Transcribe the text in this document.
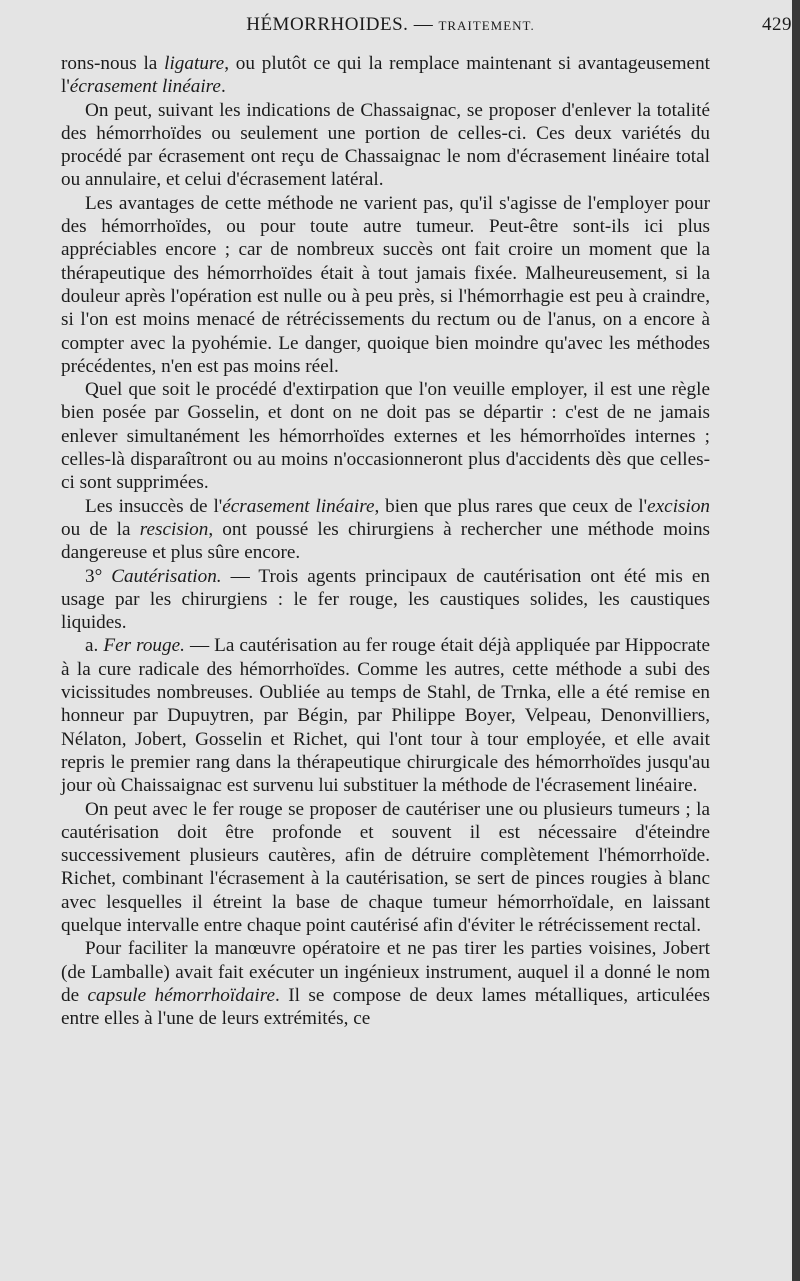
HÉMORRHOIDES. — TRAITEMENT.	429

rons-nous la ligature, ou plutôt ce qui la remplace maintenant si avantageusement l'écrasement linéaire.

On peut, suivant les indications de Chassaignac, se proposer d'enlever la totalité des hémorrhoïdes ou seulement une portion de celles-ci. Ces deux variétés du procédé par écrasement ont reçu de Chassaignac le nom d'écrasement linéaire total ou annulaire, et celui d'écrasement latéral.

Les avantages de cette méthode ne varient pas, qu'il s'agisse de l'employer pour des hémorrhoïdes, ou pour toute autre tumeur. Peut-être sont-ils ici plus appréciables encore ; car de nombreux succès ont fait croire un moment que la thérapeutique des hémorrhoïdes était à tout jamais fixée. Malheureusement, si la douleur après l'opération est nulle ou à peu près, si l'hémorrhagie est peu à craindre, si l'on est moins menacé de rétrécissements du rectum ou de l'anus, on a encore à compter avec la pyohémie. Le danger, quoique bien moindre qu'avec les méthodes précédentes, n'en est pas moins réel.

Quel que soit le procédé d'extirpation que l'on veuille employer, il est une règle bien posée par Gosselin, et dont on ne doit pas se départir : c'est de ne jamais enlever simultanément les hémorrhoïdes externes et les hémorrhoïdes internes ; celles-là disparaîtront ou au moins n'occasionneront plus d'accidents dès que celles-ci sont supprimées.

Les insuccès de l'écrasement linéaire, bien que plus rares que ceux de l'excision ou de la rescision, ont poussé les chirurgiens à rechercher une méthode moins dangereuse et plus sûre encore.

3° Cautérisation. — Trois agents principaux de cautérisation ont été mis en usage par les chirurgiens : le fer rouge, les caustiques solides, les caustiques liquides.

a. Fer rouge. — La cautérisation au fer rouge était déjà appliquée par Hippocrate à la cure radicale des hémorrhoïdes. Comme les autres, cette méthode a subi des vicissitudes nombreuses. Oubliée au temps de Stahl, de Trnka, elle a été remise en honneur par Dupuytren, par Bégin, par Philippe Boyer, Velpeau, Denonvilliers, Nélaton, Jobert, Gosselin et Richet, qui l'ont tour à tour employée, et elle avait repris le premier rang dans la thérapeutique chirurgicale des hémorrhoïdes jusqu'au jour où Chaissaignac est survenu lui substituer la méthode de l'écrasement linéaire.

On peut avec le fer rouge se proposer de cautériser une ou plusieurs tumeurs ; la cautérisation doit être profonde et souvent il est nécessaire d'éteindre successivement plusieurs cautères, afin de détruire complètement l'hémorrhoïde. Richet, combinant l'écrasement à la cautérisation, se sert de pinces rougies à blanc avec lesquelles il étreint la base de chaque tumeur hémorrhoïdale, en laissant quelque intervalle entre chaque point cautérisé afin d'éviter le rétrécissement rectal.

Pour faciliter la manœuvre opératoire et ne pas tirer les parties voisines, Jobert (de Lamballe) avait fait exécuter un ingénieux instrument, auquel il a donné le nom de capsule hémorrhoïdaire. Il se compose de deux lames métalliques, articulées entre elles à l'une de leurs extrémités, ce
